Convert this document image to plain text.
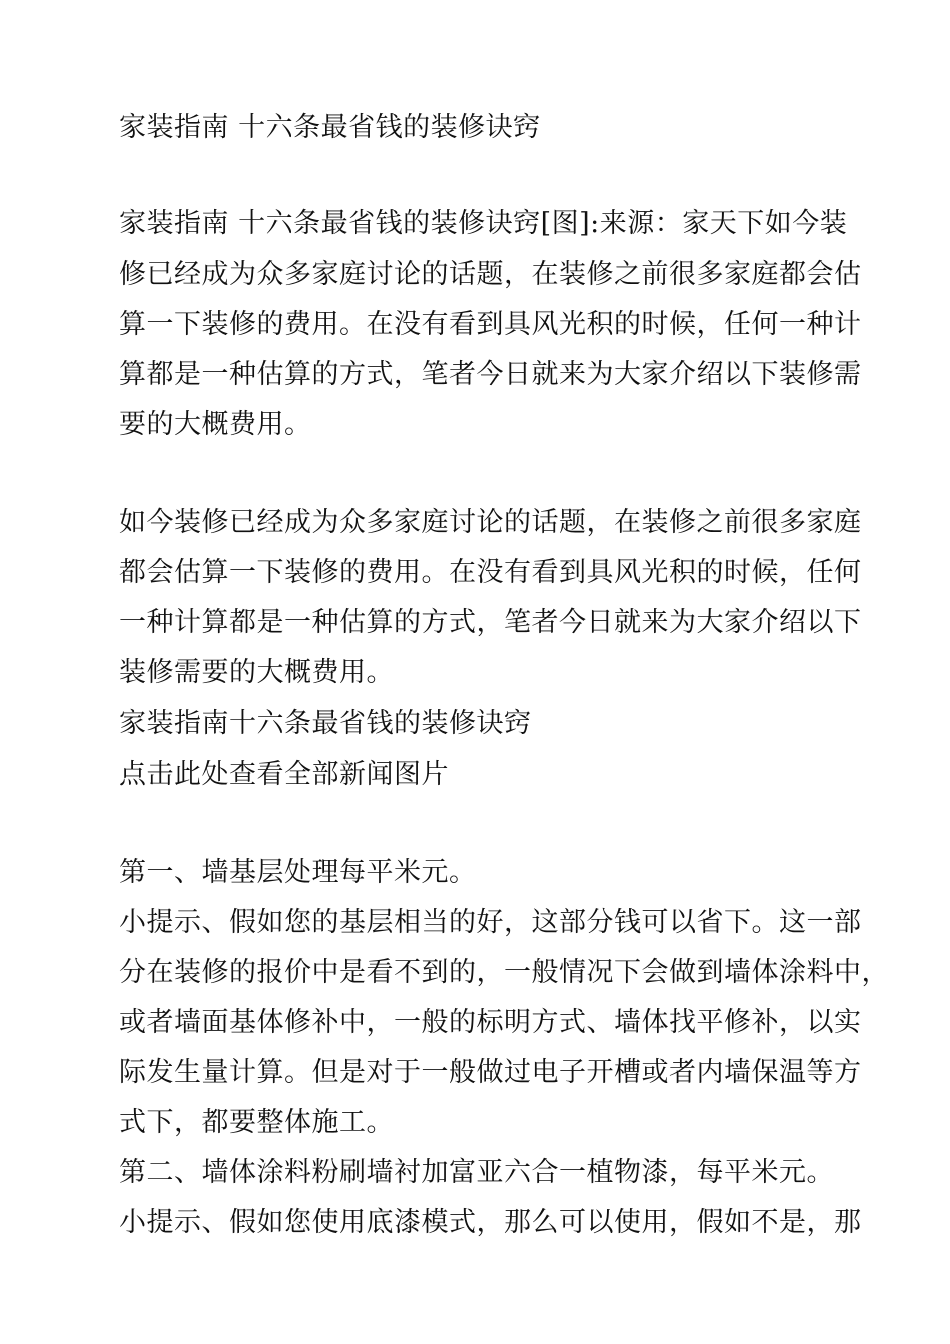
家装指南 十六条最省钱的装修诀窍
家装指南 十六条最省钱的装修诀窍[图]:来源：家天下如今装
修已经成为众多家庭讨论的话题，在装修之前很多家庭都会估
算一下装修的费用。在没有看到具风光积的时候，任何一种计
算都是一种估算的方式，笔者今日就来为大家介绍以下装修需
要的大概费用。
如今装修已经成为众多家庭讨论的话题，在装修之前很多家庭
都会估算一下装修的费用。在没有看到具风光积的时候，任何
一种计算都是一种估算的方式，笔者今日就来为大家介绍以下
装修需要的大概费用。
家装指南十六条最省钱的装修诀窍
点击此处查看全部新闻图片
第一、墙基层处理每平米元。
小提示、假如您的基层相当的好，这部分钱可以省下。这一部
分在装修的报价中是看不到的，一般情况下会做到墙体涂料中，
或者墙面基体修补中，一般的标明方式、墙体找平修补，以实
际发生量计算。但是对于一般做过电子开槽或者内墙保温等方
式下，都要整体施工。
第二、墙体涂料粉刷墙衬加富亚六合一植物漆，每平米元。
小提示、假如您使用底漆模式，那么可以使用，假如不是，那
